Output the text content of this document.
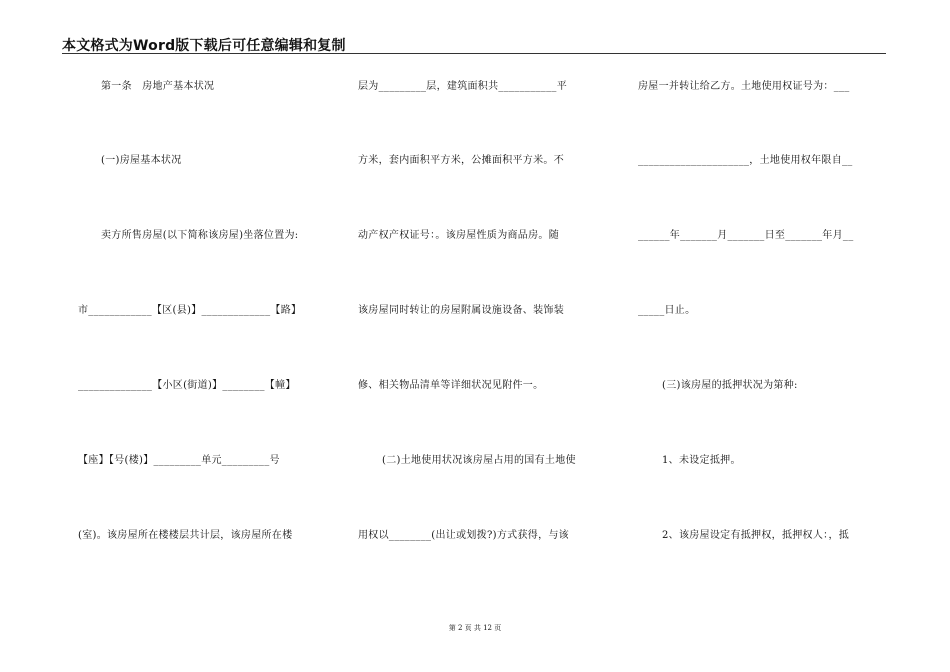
本文格式为Word版下载后可任意编辑和复制
第一条　房地产基本状况
(一)房屋基本状况
卖方所售房屋(以下简称该房屋)坐落位置为:
市____________【区(县)】_____________【路】
______________【小区(街道)】________【幢】
【座】【号(楼)】_________单元_________号
(室)。该房屋所在楼楼层共计层，该房屋所在楼
层为_________层，建筑面积共___________平
方米，套内面积平方米，公摊面积平方米。不
动产权产权证号：。该房屋性质为商品房。随
该房屋同时转让的房屋附属设施设备、装饰装
修、相关物品清单等详细状况见附件一。
(二)土地使用状况该房屋占用的国有土地使
用权以________(出让或划拨?)方式获得，与该
房屋一并转让给乙方。土地使用权证号为：___
_____________________，土地使用权年限自__
______年_______月_______日至_______年月__
_____日止。
(三)该房屋的抵押状况为第种:
1、未设定抵押。
2、该房屋设定有抵押权，抵押权人：，抵
第 2 页 共 12 页
